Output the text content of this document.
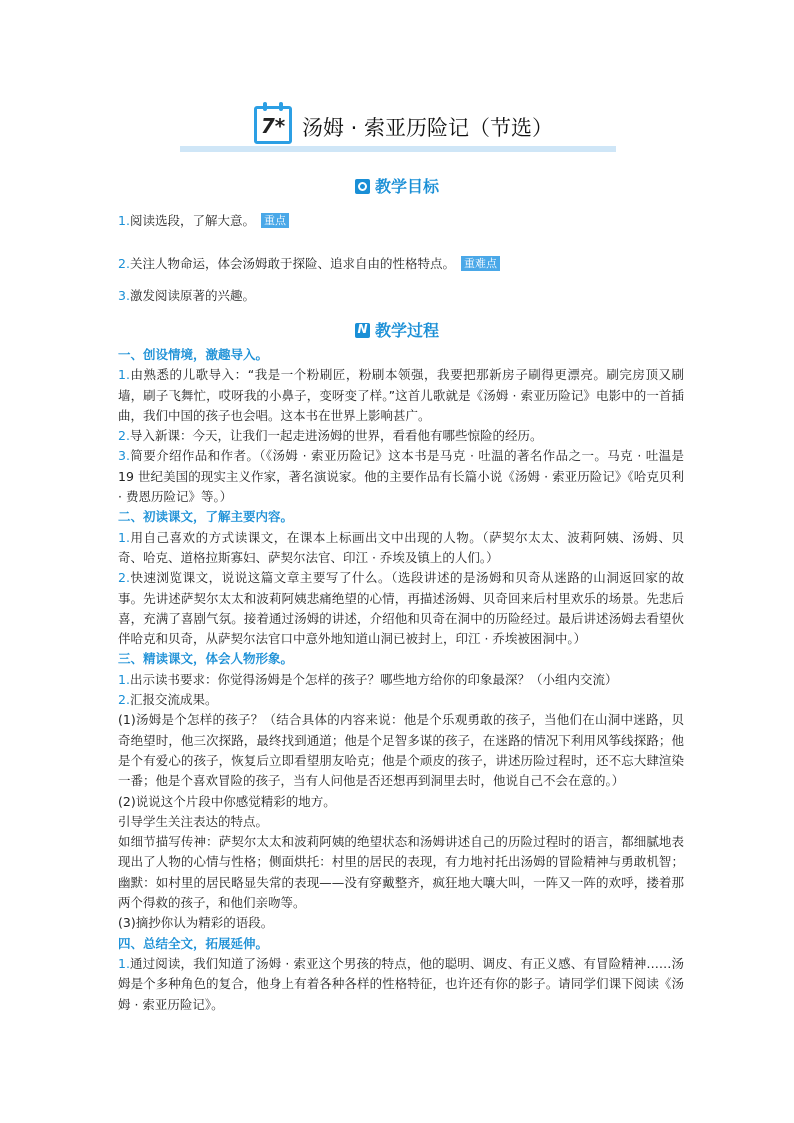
7* 汤姆 · 索亚历险记（节选）
教学目标
1.阅读选段，了解大意。 重点
2.关注人物命运，体会汤姆敢于探险、追求自由的性格特点。 重难点
3.激发阅读原著的兴趣。
N教学过程

一、创设情境，激趣导入。

1.由熟悉的儿歌导入：“我是一个粉刷匠，粉刷本领强，我要把那新房子刷得更漂亮。刷完房顶又刷墙，刷子飞舞忙，哎呀我的小鼻子，变呀变了样。”这首儿歌就是《汤姆 · 索亚历险记》电影中的一首插曲，我们中国的孩子也会唱。这本书在世界上影响甚广。

2.导入新课：今天，让我们一起走进汤姆的世界，看看他有哪些惊险的经历。

3.简要介绍作品和作者。（《汤姆 · 索亚历险记》这本书是马克 · 吐温的著名作品之一。马克 · 吐温是 19 世纪美国的现实主义作家，著名演说家。他的主要作品有长篇小说《汤姆 · 索亚历险记》《哈克贝利 · 费恩历险记》等。）

二、初读课文，了解主要内容。

1.用自己喜欢的方式读课文，在课本上标画出文中出现的人物。（萨契尔太太、波莉阿姨、汤姆、贝奇、哈克、道格拉斯寡妇、萨契尔法官、印江 · 乔埃及镇上的人们。）

2.快速浏览课文，说说这篇文章主要写了什么。（选段讲述的是汤姆和贝奇从迷路的山洞返回家的故事。先讲述萨契尔太太和波莉阿姨悲痛绝望的心情，再描述汤姆、贝奇回来后村里欢乐的场景。先悲后喜，充满了喜剧气氛。接着通过汤姆的讲述，介绍他和贝奇在洞中的历险经过。最后讲述汤姆去看望伙伴哈克和贝奇，从萨契尔法官口中意外地知道山洞已被封上，印江 · 乔埃被困洞中。）

三、精读课文，体会人物形象。

1.出示读书要求：你觉得汤姆是个怎样的孩子？哪些地方给你的印象最深？（小组内交流）

2.汇报交流成果。

(1)汤姆是个怎样的孩子？（结合具体的内容来说：他是个乐观勇敢的孩子，当他们在山洞中迷路，贝奇绝望时，他三次探路，最终找到通道；他是个足智多谋的孩子，在迷路的情况下利用风筝线探路；他是个有爱心的孩子，恢复后立即看望朋友哈克；他是个顽皮的孩子，讲述历险过程时，还不忘大肆渲染一番；他是个喜欢冒险的孩子，当有人问他是否还想再到洞里去时，他说自己不会在意的。）

(2)说说这个片段中你感觉精彩的地方。

引导学生关注表达的特点。

如细节描写传神：萨契尔太太和波莉阿姨的绝望状态和汤姆讲述自己的历险过程时的语言，都细腻地表现出了人物的心情与性格；侧面烘托：村里的居民的表现，有力地衬托出汤姆的冒险精神与勇敢机智；幽默：如村里的居民略显失常的表现——没有穿戴整齐，疯狂地大嚷大叫，一阵又一阵的欢呼，搂着那两个得救的孩子，和他们亲吻等。

(3)摘抄你认为精彩的语段。

四、总结全文，拓展延伸。

1.通过阅读，我们知道了汤姆 · 索亚这个男孩的特点，他的聪明、调皮、有正义感、有冒险精神……汤姆是个多种角色的复合，他身上有着各种各样的性格特征，也许还有你的影子。请同学们课下阅读《汤姆 · 索亚历险记》。
